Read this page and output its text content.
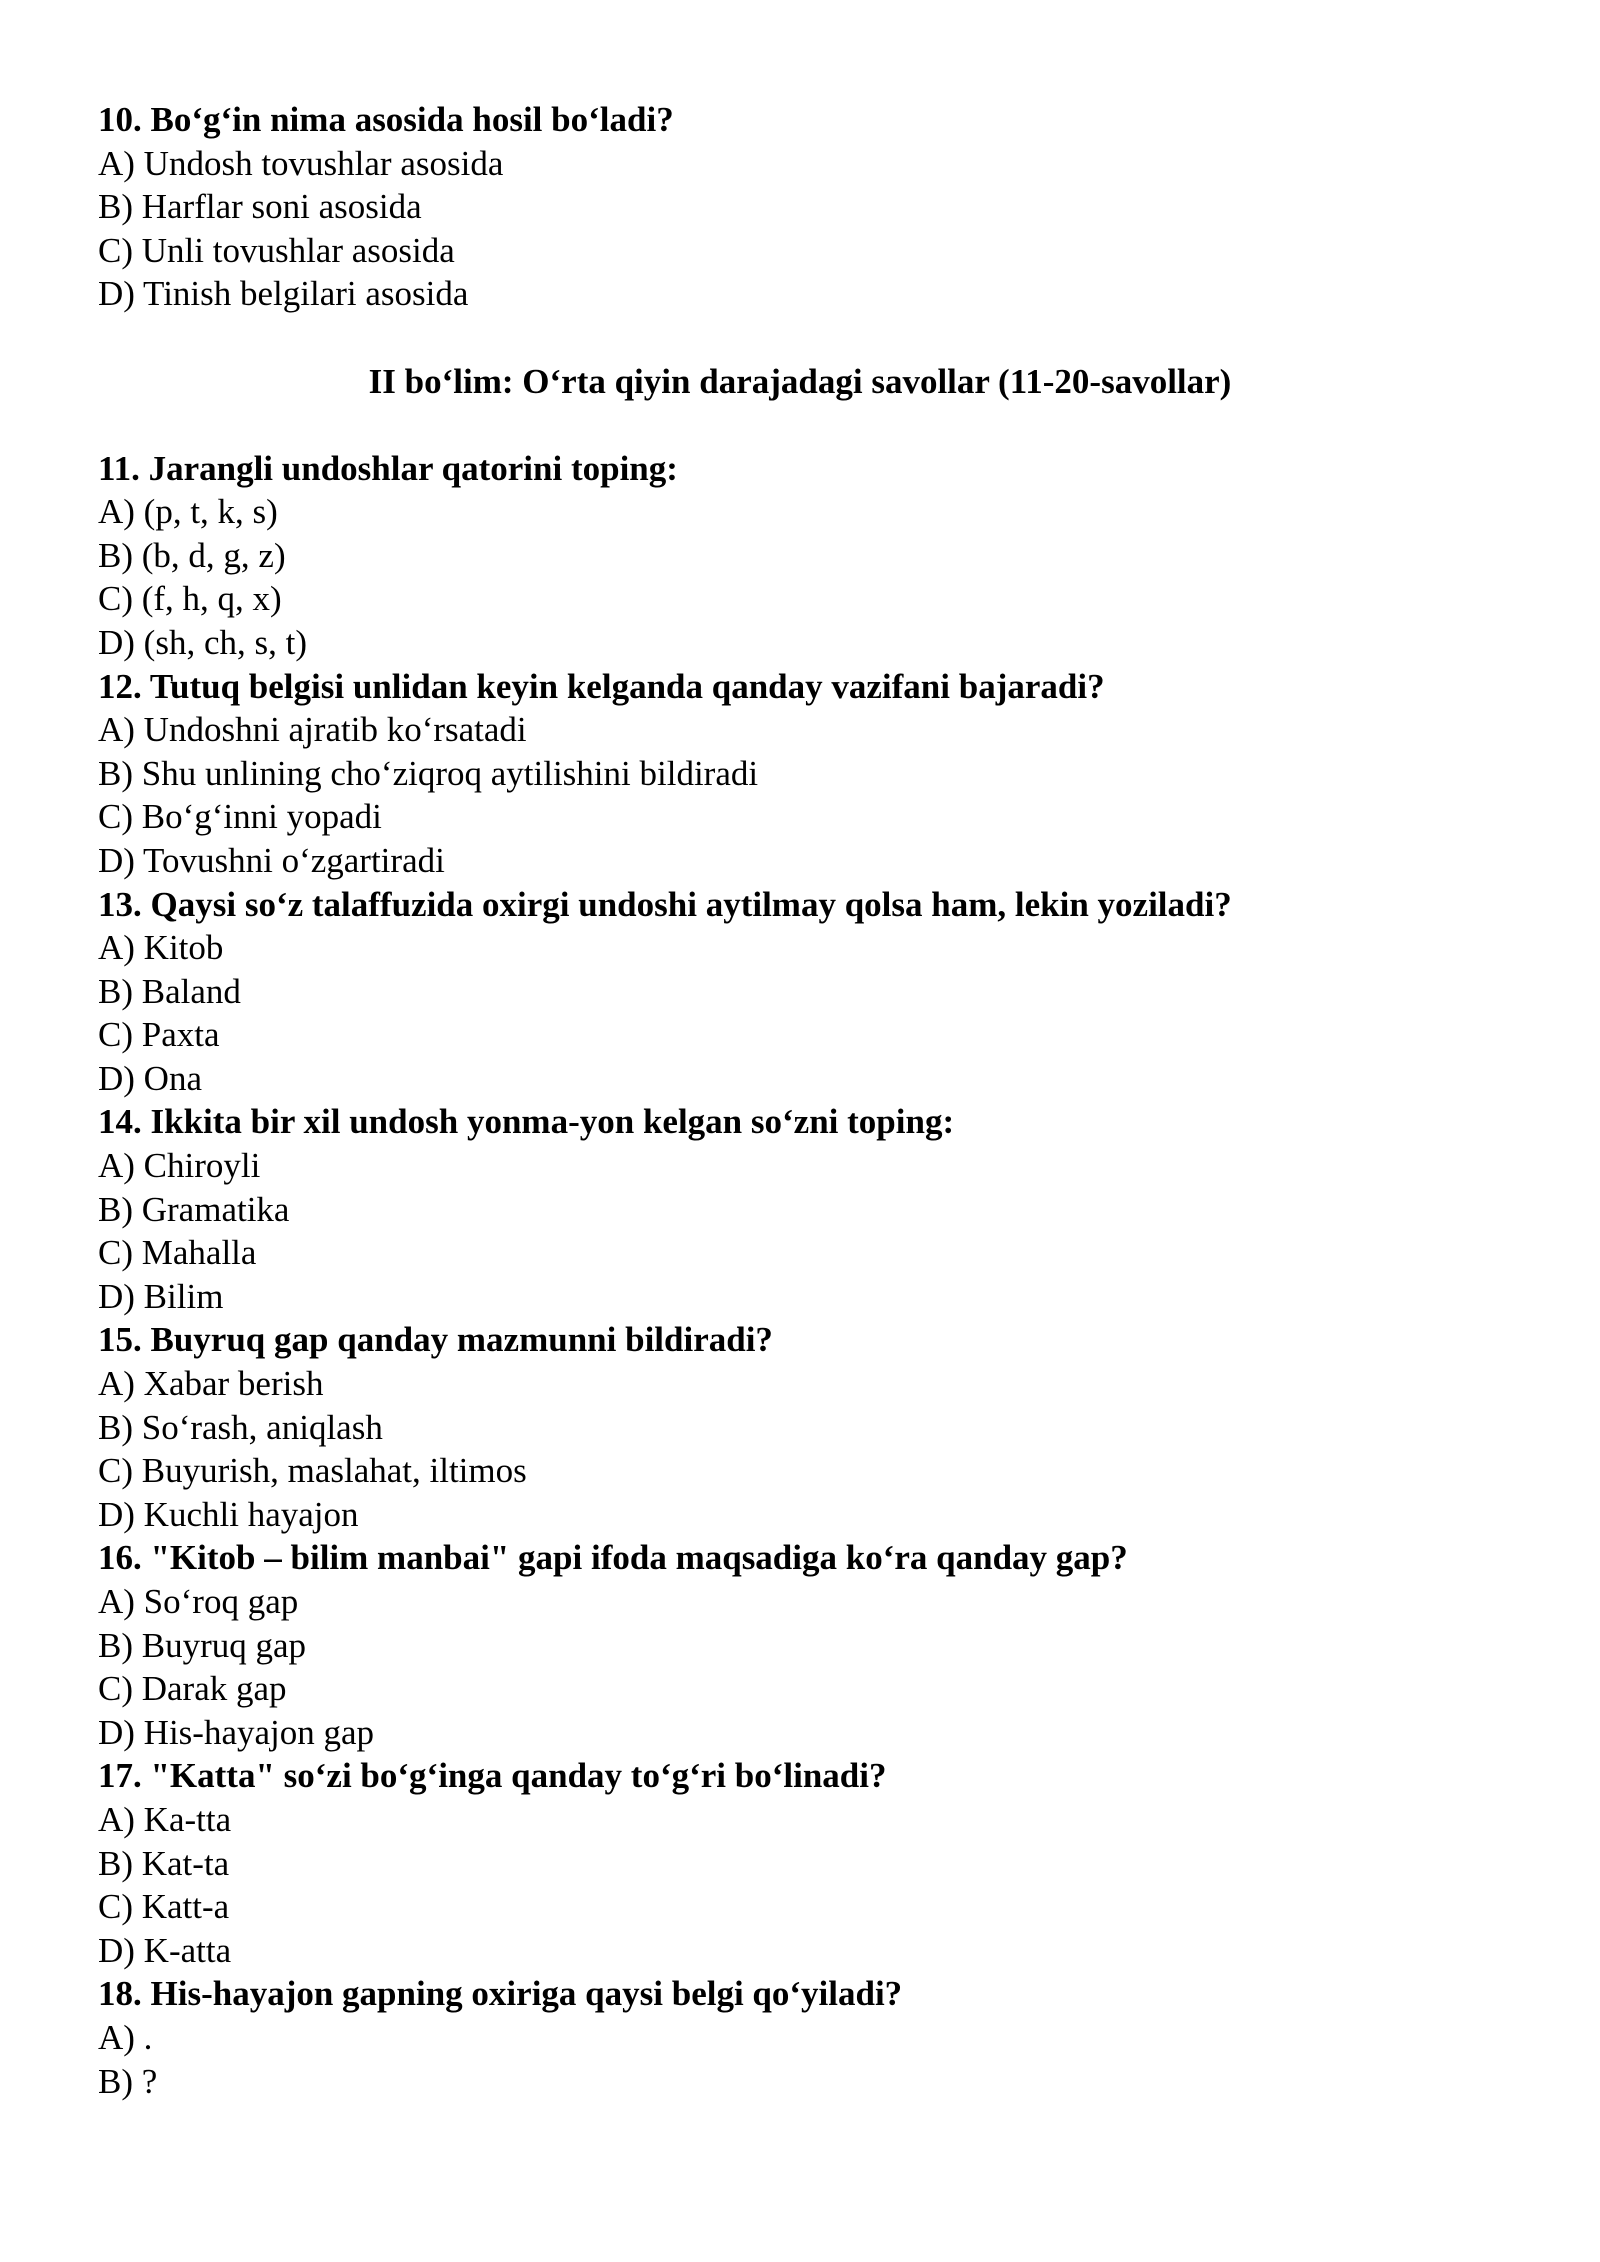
10. Bo‘g‘in nima asosida hosil bo‘ladi?
A) Undosh tovushlar asosida
B) Harflar soni asosida
C) Unli tovushlar asosida
D) Tinish belgilari asosida
II bo‘lim: O‘rta qiyin darajadagi savollar (11-20-savollar)
11. Jarangli undoshlar qatorini toping:
A) (p, t, k, s)
B) (b, d, g, z)
C) (f, h, q, x)
D) (sh, ch, s, t)
12. Tutuq belgisi unlidan keyin kelganda qanday vazifani bajaradi?
A) Undoshni ajratib ko‘rsatadi
B) Shu unlining cho‘ziqroq aytilishini bildiradi
C) Bo‘g‘inni yopadi
D) Tovushni o‘zgartiradi
13. Qaysi so‘z talaffuzida oxirgi undoshi aytilmay qolsa ham, lekin yoziladi?
A) Kitob
B) Baland
C) Paxta
D) Ona
14. Ikkita bir xil undosh yonma-yon kelgan so‘zni toping:
A) Chiroyli
B) Gramatika
C) Mahalla
D) Bilim
15. Buyruq gap qanday mazmunni bildiradi?
A) Xabar berish
B) So‘rash, aniqlash
C) Buyurish, maslahat, iltimos
D) Kuchli hayajon
16. "Kitob – bilim manbai" gapi ifoda maqsadiga ko‘ra qanday gap?
A) So‘roq gap
B) Buyruq gap
C) Darak gap
D) His-hayajon gap
17. "Katta" so‘zi bo‘g‘inga qanday to‘g‘ri bo‘linadi?
A) Ka-tta
B) Kat-ta
C) Katt-a
D) K-atta
18. His-hayajon gapning oxiriga qaysi belgi qo‘yiladi?
A) .
B) ?
